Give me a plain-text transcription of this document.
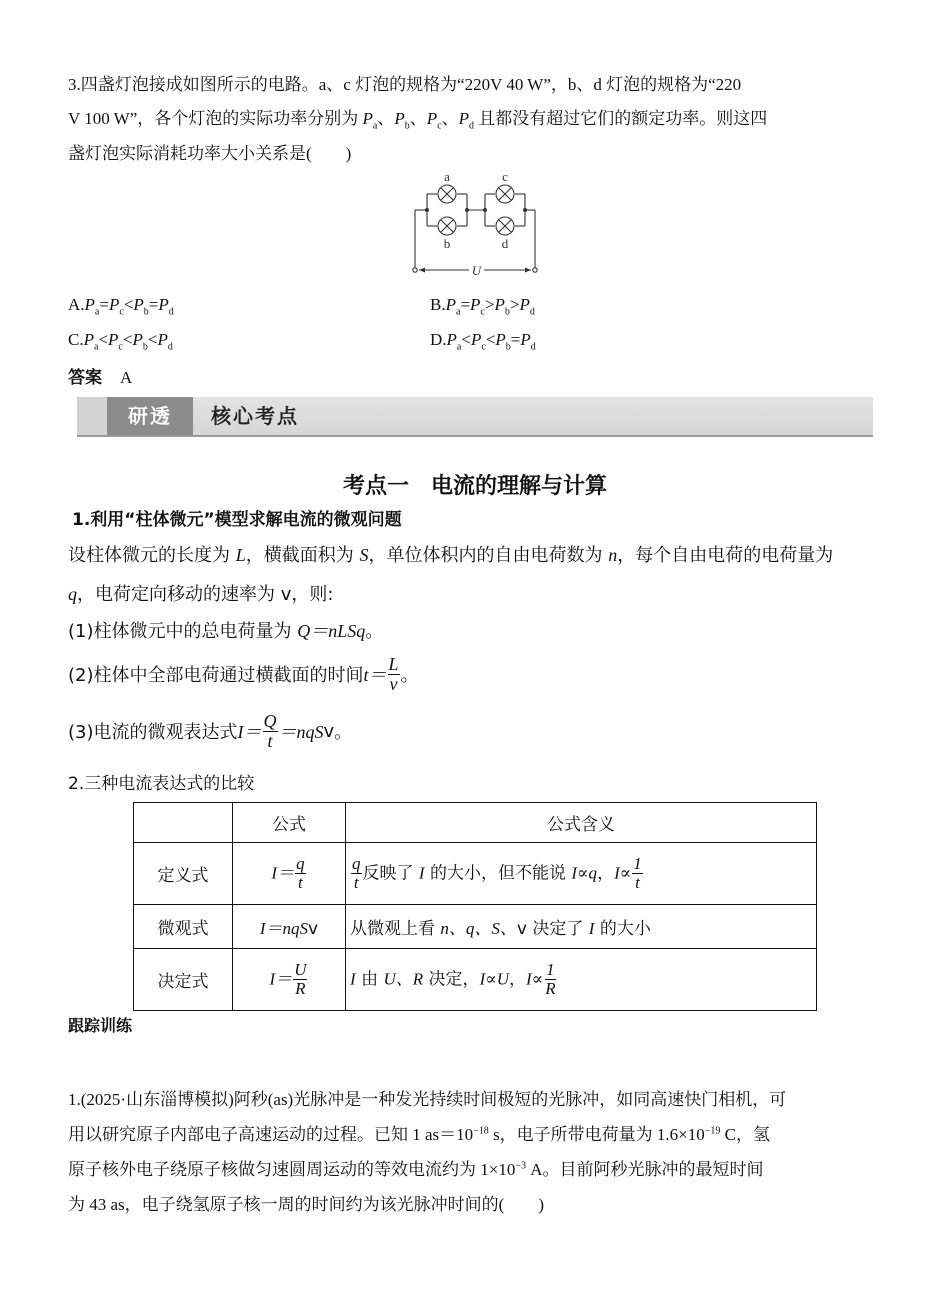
3.四盏灯泡接成如图所示的电路。a、c 灯泡的规格为“220V 40 W”，b、d 灯泡的规格为“220
V 100 W”，各个灯泡的实际功率分别为 $P_a$、$P_b$、$P_c$、$P_d$ 且都没有超过它们的额定功率。则这四
盏灯泡实际消耗功率大小关系是(　　)
a	c
b	d
U
$A.P_a=P_c<P_b=P_d$	$B.P_a=P_c>P_b>P_d$
$C.P_a<P_c<P_b<P_d$	$D.P_a<P_c<P_b=P_d$
答案 A
研透	核心考点
考点一　电流的理解与计算
1.利用“柱体微元”模型求解电流的微观问题
设柱体微元的长度为 L，横截面积为 S，单位体积内的自由电荷数为 n，每个自由电荷的电荷量为
q，电荷定向移动的速率为 v，则:
(1)柱体微元中的总电荷量为 Q＝nLSq。
(2)柱体中全部电荷通过横截面的时间 $t= \frac{L}{v}$ 。
(3)电流的微观表达式 $I= \frac{Q}{t} =nqS$ v 。
2.三种电流表达式的比较
	公式	公式含义
定义式	$I= \frac{q}{t}$	$\frac{q}{t}$ 反映了 I 的大小，但不能说 I∝q，$I\propto \frac{1}{t}$

微观式	I＝nqSv	从微观上看 n、q、S、v 决定了 I 的大小
决定式	$I= \frac{U}{R}$	I 由 U、R 决定，I∝U，$I\propto \frac{1}{R}$
跟踪训练
1.(2025·山东淄博模拟)阿秒(as)光脉冲是一种发光持续时间极短的光脉冲，如同高速快门相机，可
用以研究原子内部电子高速运动的过程。已知 1 $as=10^{-18}$ s，电子所带电荷量为 $1.6\times 10^{-19}$ C，氢
原子核外电子绕原子核做匀速圆周运动的等效电流约为 $1\times 10^{-3}$ A。目前阿秒光脉冲的最短时间
为 43 as，电子绕氢原子核一周的时间约为该光脉冲时间的(　　)
